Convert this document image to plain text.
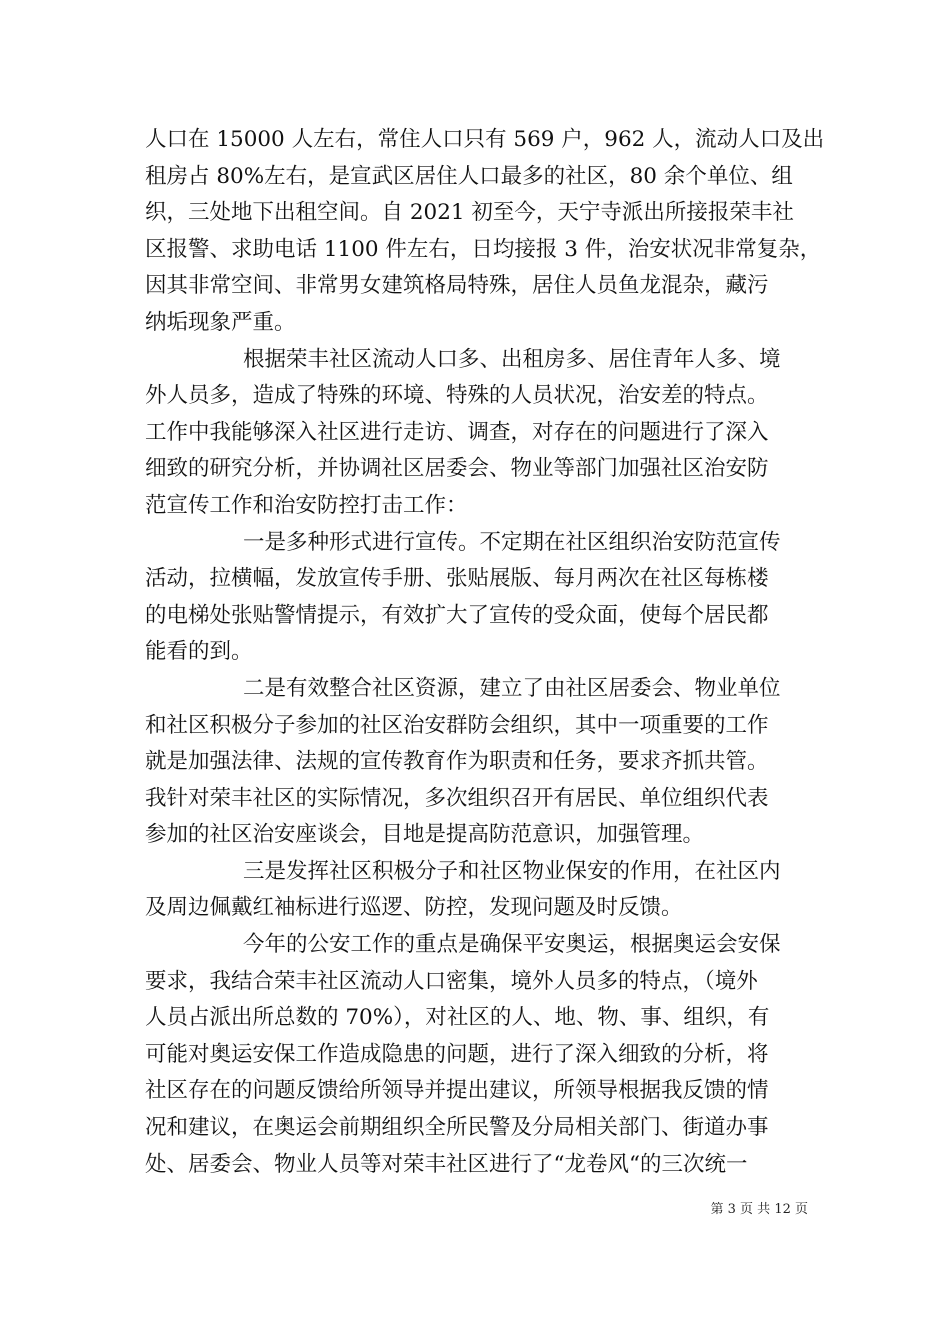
人口在 15000 人左右，常住人口只有 569 户，962 人，流动人口及出
租房占 80%左右，是宣武区居住人口最多的社区，80 余个单位、组
织，三处地下出租空间。自 2021 初至今，天宁寺派出所接报荣丰社
区报警、求助电话 1100 件左右，日均接报 3 件，治安状况非常复杂，
因其非常空间、非常男女建筑格局特殊，居住人员鱼龙混杂，藏污
纳垢现象严重。
根据荣丰社区流动人口多、出租房多、居住青年人多、境
外人员多，造成了特殊的环境、特殊的人员状况，治安差的特点。
工作中我能够深入社区进行走访、调查，对存在的问题进行了深入
细致的研究分析，并协调社区居委会、物业等部门加强社区治安防
范宣传工作和治安防控打击工作：
一是多种形式进行宣传。不定期在社区组织治安防范宣传
活动，拉横幅，发放宣传手册、张贴展版、每月两次在社区每栋楼
的电梯处张贴警情提示，有效扩大了宣传的受众面，使每个居民都
能看的到。
二是有效整合社区资源，建立了由社区居委会、物业单位
和社区积极分子参加的社区治安群防会组织，其中一项重要的工作
就是加强法律、法规的宣传教育作为职责和任务，要求齐抓共管。
我针对荣丰社区的实际情况，多次组织召开有居民、单位组织代表
参加的社区治安座谈会，目地是提高防范意识，加强管理。
三是发挥社区积极分子和社区物业保安的作用，在社区内
及周边佩戴红袖标进行巡逻、防控，发现问题及时反馈。
今年的公安工作的重点是确保平安奥运，根据奥运会安保
要求，我结合荣丰社区流动人口密集，境外人员多的特点，（境外
人员占派出所总数的 70%），对社区的人、地、物、事、组织，有
可能对奥运安保工作造成隐患的问题，进行了深入细致的分析，将
社区存在的问题反馈给所领导并提出建议，所领导根据我反馈的情
况和建议，在奥运会前期组织全所民警及分局相关部门、街道办事
处、居委会、物业人员等对荣丰社区进行了“龙卷风“的三次统一
第 3 页 共 12 页
